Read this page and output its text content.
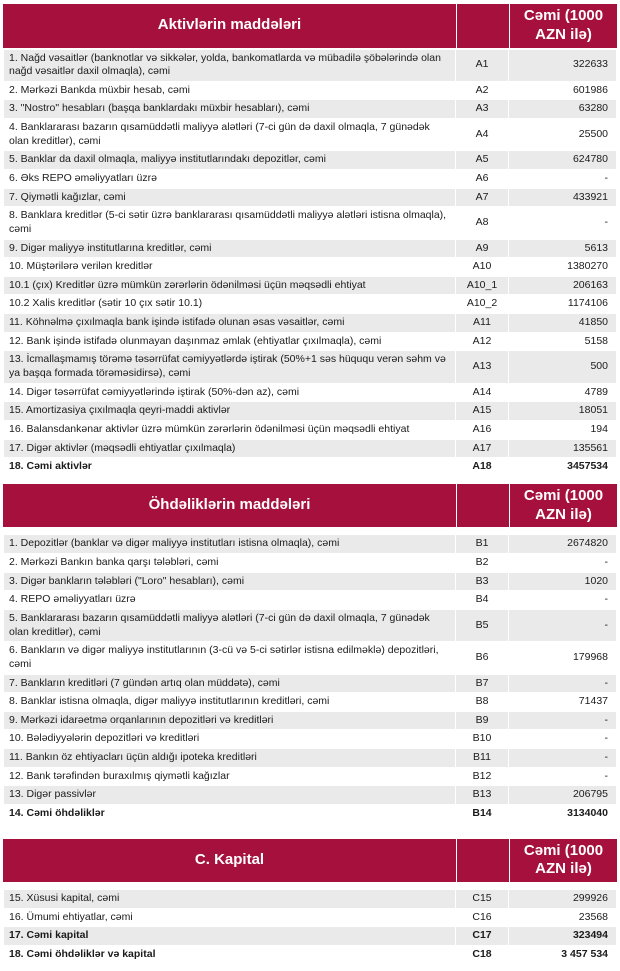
Aktivlərin maddələri
Cəmi (1000 AZN ilə)
1. Nağd vəsaitlər (banknotlar və sikkələr, yolda, bankomatlarda və mübadilə şöbələrində olan nağd vəsaitlər daxil olmaqla), cəmi	A1	322633
2. Mərkəzi Bankda müxbir hesab, cəmi	A2	601986
3. "Nostro" hesabları (başqa banklardakı müxbir hesabları), cəmi	A3	63280
4. Banklararası bazarın qısamüddətli maliyyə alətləri (7-ci gün də daxil olmaqla, 7 günədək olan kreditlər), cəmi	A4	25500
5. Banklar da daxil olmaqla, maliyyə institutlarındakı depozitlər, cəmi	A5	624780
6. Əks REPO əməliyyatları üzrə	A6	-
7. Qiymətli kağızlar, cəmi	A7	433921
8. Banklara kreditlər (5-ci sətir üzrə banklararası qısamüddətli maliyyə alətləri istisna olmaqla), cəmi	A8	-
9. Digər maliyyə institutlarına kreditlər, cəmi	A9	5613
10. Müştərilərə verilən kreditlər	A10	1380270
10.1 (çıx) Kreditlər üzrə mümkün zərərlərin ödənilməsi üçün məqsədli ehtiyat	A10_1	206163
10.2 Xalis kreditlər (sətir 10 çıx sətir 10.1)	A10_2	1174106
11. Köhnəlmə çıxılmaqla bank işində istifadə olunan əsas vəsaitlər, cəmi	A11	41850
12. Bank işində istifadə olunmayan daşınmaz əmlak (ehtiyatlar çıxılmaqla), cəmi	A12	5158
13. İcmallaşmamış törəmə təsərrüfat cəmiyyətlərdə iştirak (50%+1 səs hüququ verən səhm və ya başqa formada törəməsidirsə), cəmi	A13	500
14. Digər təsərrüfat cəmiyyətlərində iştirak (50%-dən az), cəmi	A14	4789
15. Amortizasiya çıxılmaqla qeyri-maddi aktivlər	A15	18051
16. Balansdankənar aktivlər üzrə mümkün zərərlərin ödənilməsi üçün məqsədli ehtiyat	A16	194
17. Digər aktivlər (məqsədli ehtiyatlar çıxılmaqla)	A17	135561
18. Cəmi aktivlər	A18	3457534
Öhdəliklərin maddələri
Cəmi (1000 AZN ilə)
1. Depozitlər (banklar və digər maliyyə institutları istisna olmaqla), cəmi	B1	2674820
2. Mərkəzi Bankın banka qarşı tələbləri, cəmi	B2	-
3. Digər bankların tələbləri ("Loro" hesabları), cəmi	B3	1020
4. REPO əməliyyatları üzrə	B4	-
5. Banklararası bazarın qısamüddətli maliyyə alətləri (7-ci gün də daxil olmaqla, 7 günədək olan kreditlər), cəmi	B5	-
6. Bankların və digər maliyyə institutlarının (3-cü və 5-ci sətirlər istisna edilməklə) depozitləri, cəmi	B6	179968
7. Bankların kreditləri (7 gündən artıq olan müddətə), cəmi	B7	-
8. Banklar istisna olmaqla, digər maliyyə institutlarının kreditləri, cəmi	B8	71437
9. Mərkəzi idarəetmə orqanlarının depozitləri və kreditləri	B9	-
10. Bələdiyyələrin depozitləri və kreditləri	B10	-
11. Bankın öz ehtiyacları üçün aldığı ipoteka kreditləri	B11	-
12. Bank tərəfindən buraxılmış qiymətli kağızlar	B12	-
13. Digər passivlər	B13	206795
14. Cəmi öhdəliklər	B14	3134040
C. Kapital
Cəmi (1000 AZN ilə)
15. Xüsusi kapital, cəmi	C15	299926
16. Ümumi ehtiyatlar, cəmi	C16	23568
17. Cəmi kapital	C17	323494
18. Cəmi öhdəliklər və kapital	C18	3 457 534
